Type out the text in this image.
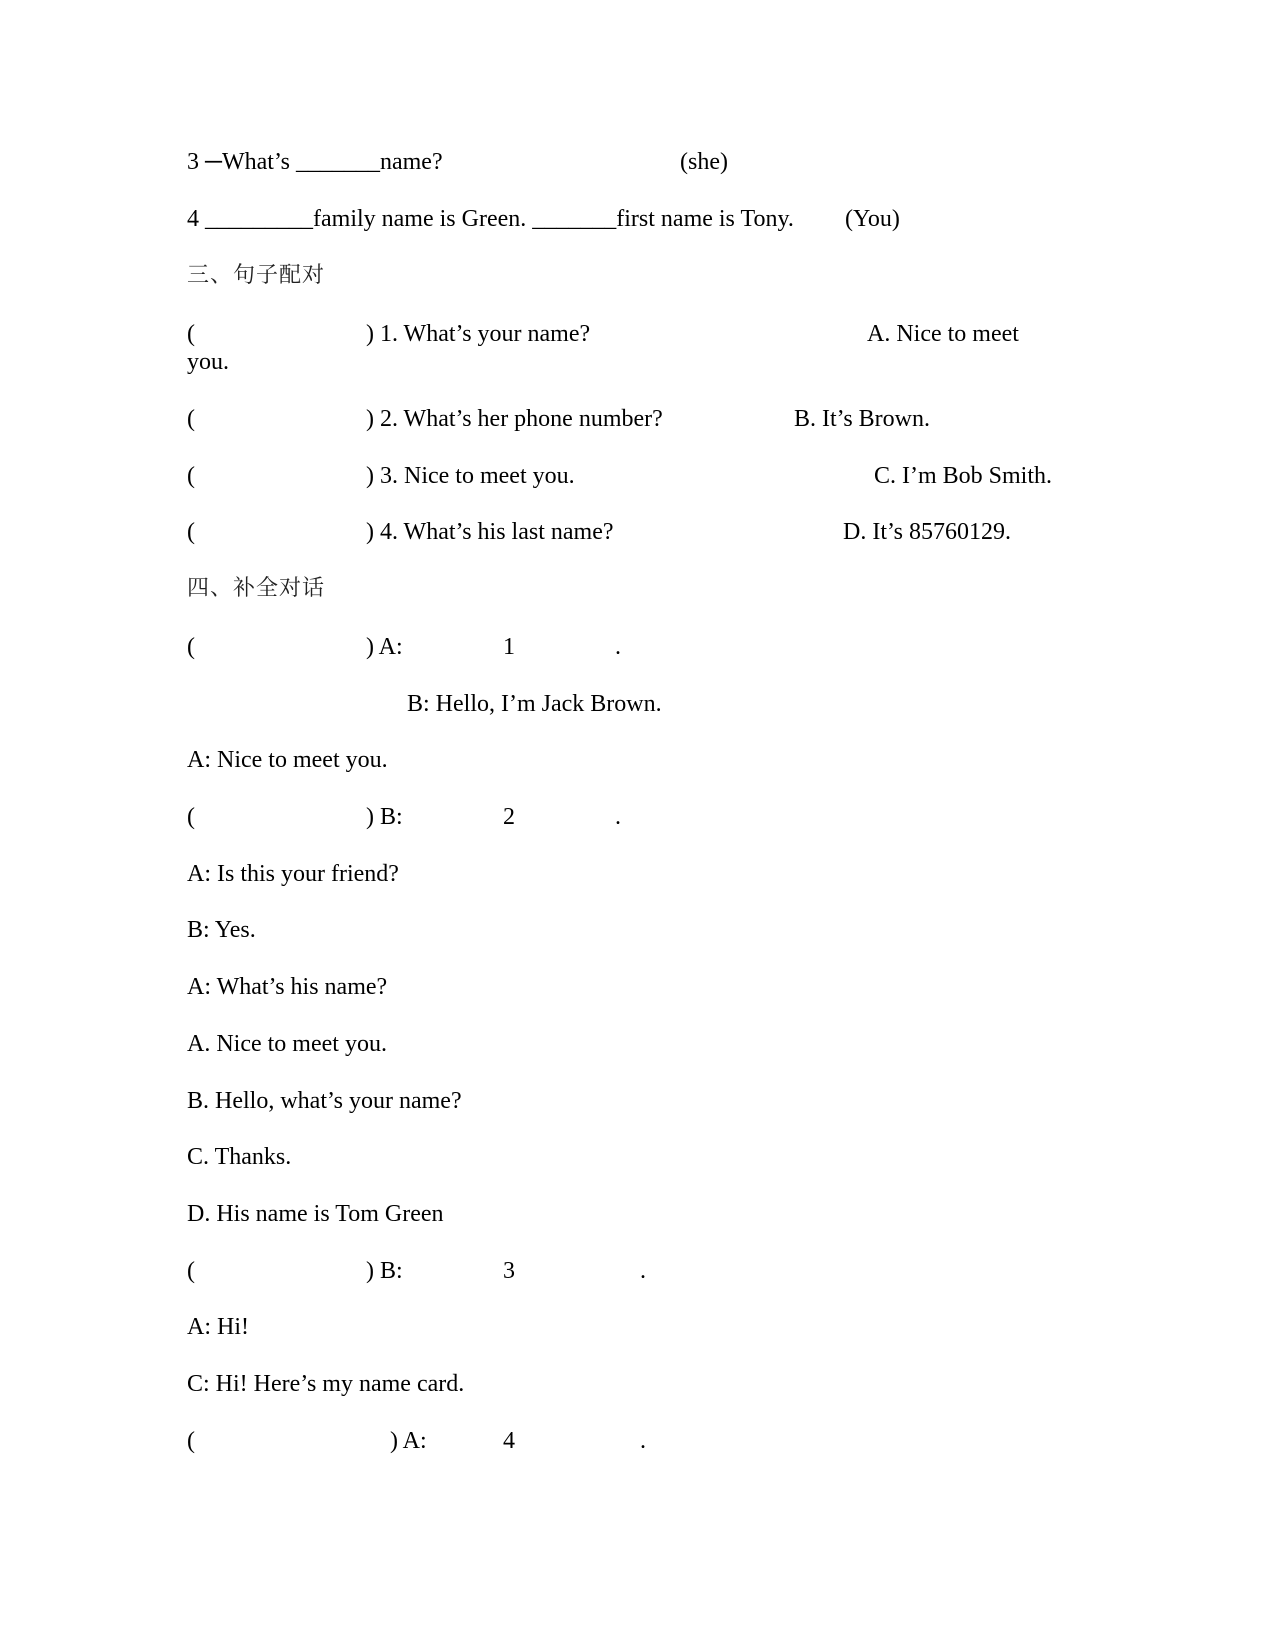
3 ─What’s _______name?	(she)
4 _________family name is Green. _______first name is Tony. (You)
三、句子配对
(	) 1. What’s your name?	A. Nice to meet
you.
(	) 2. What’s her phone number?	B. It’s Brown.
(	) 3. Nice to meet you.	C. I’m Bob Smith.
(	) 4. What’s his last name?	D. It’s 85760129.
四、补全对话
(	) A:	1	.
B: Hello, I’m Jack Brown.
A: Nice to meet you.
(	) B:	2	.
A: Is this your friend?
B: Yes.
A: What’s his name?
A. Nice to meet you.
B. Hello, what’s your name?
C. Thanks.
D. His name is Tom Green
(	) B:	3	.
A: Hi!
C: Hi! Here’s my name card.
(	) A:	4	.
